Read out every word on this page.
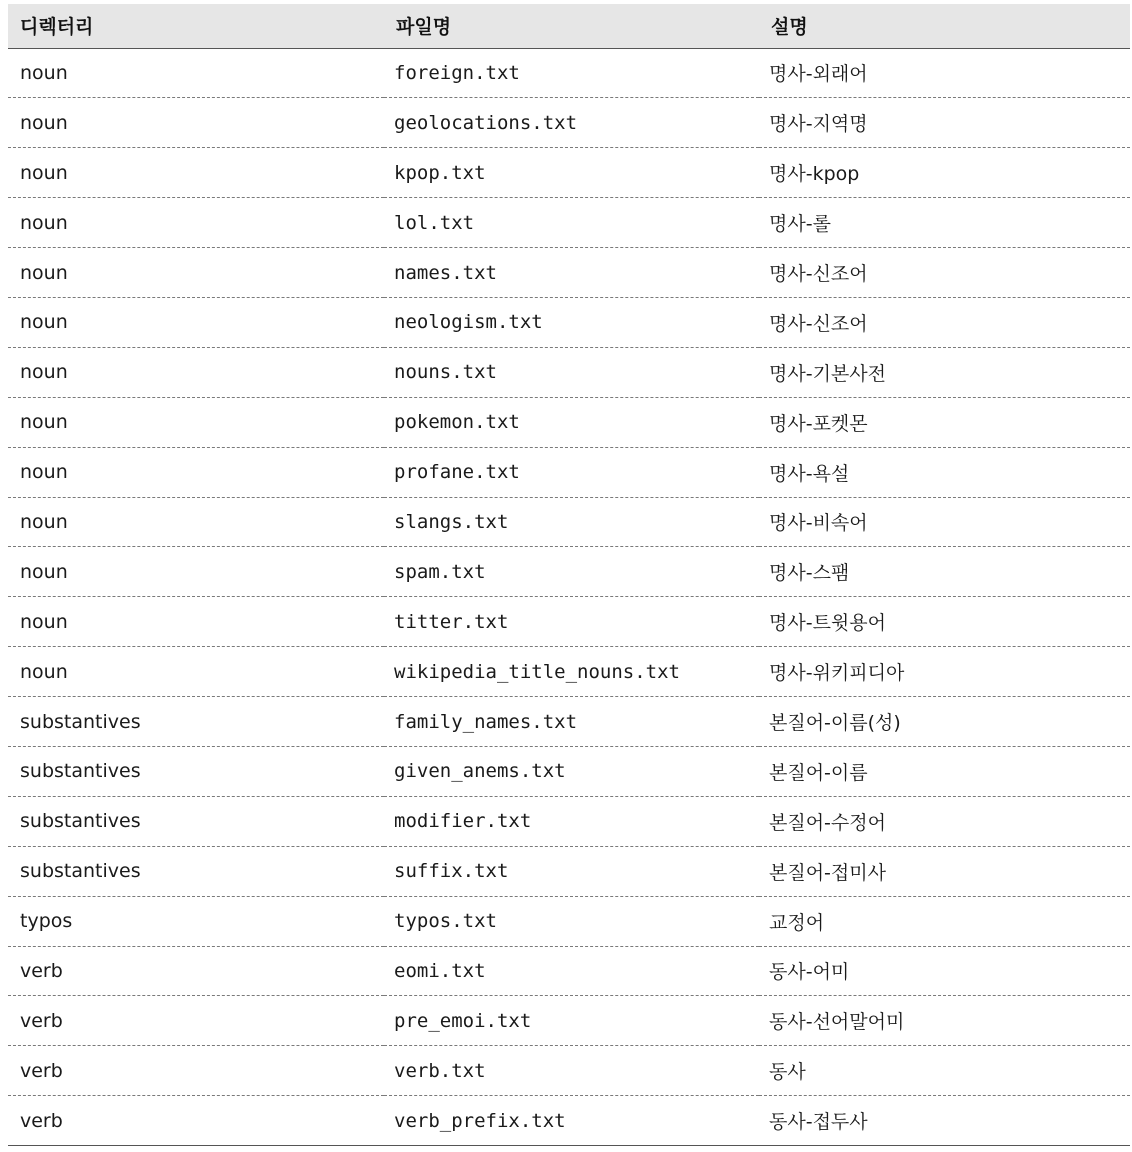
디렉터리	파일명	설명
noun	foreign.txt	명사-외래어
noun	geolocations.txt	명사-지역명
noun	kpop.txt	명사-kpop
noun	lol.txt	명사-롤
noun	names.txt	명사-신조어
noun	neologism.txt	명사-신조어
noun	nouns.txt	명사-기본사전
noun	pokemon.txt	명사-포켓몬
noun	profane.txt	명사-욕설
noun	slangs.txt	명사-비속어
noun	spam.txt	명사-스팸
noun	titter.txt	명사-트윗용어
noun	wikipedia_title_nouns.txt	명사-위키피디아
substantives	family_names.txt	본질어-이름(성)
substantives	given_anems.txt	본질어-이름
substantives	modifier.txt	본질어-수정어
substantives	suffix.txt	본질어-접미사
typos	typos.txt	교정어
verb	eomi.txt	동사-어미
verb	pre_emoi.txt	동사-선어말어미
verb	verb.txt	동사
verb	verb_prefix.txt	동사-접두사
